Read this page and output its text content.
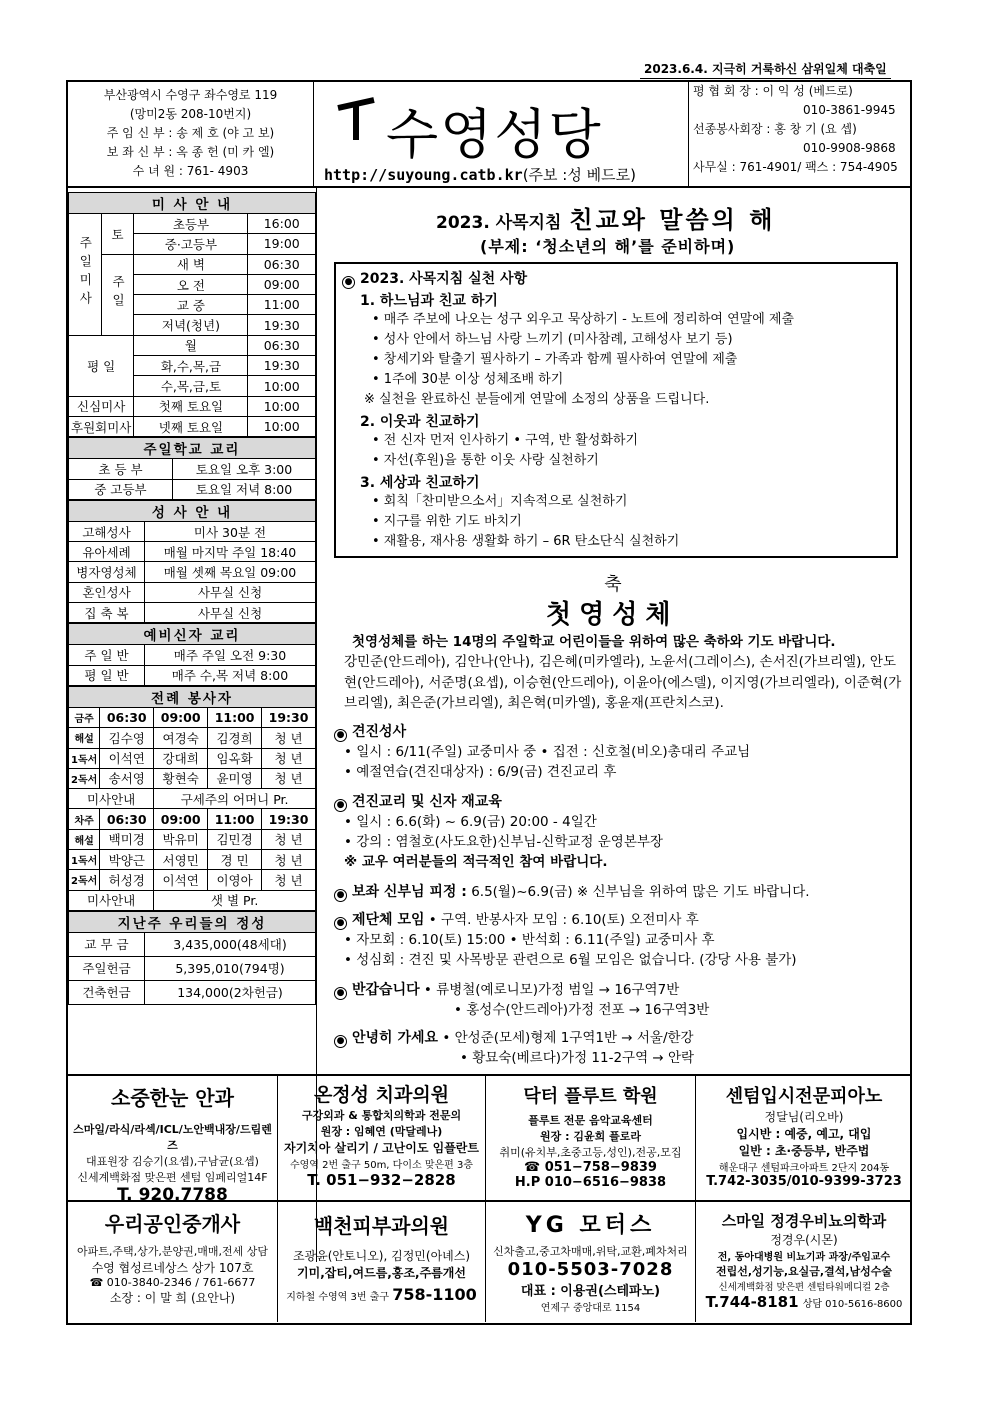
2023.6.4. 지극히 거룩하신 삼위일체 대축일
부산광역시 수영구 좌수영로 119
(망미2동 208-10번지)
주 임 신 부 : 송 제 호 (야 고 보)
보 좌 신 부 : 옥 종 헌 (미 카 엘)
수 녀 원 : 761- 4903
수영성당
http://suyoung.catb.kr(주보 :성 베드로)
평 협 회 장 : 이 익 성 (베드로)
010-3861-9945
선종봉사회장 : 홍 창 기 (요 셉)
010-9908-9868
사무실 : 761-4901/ 팩스 : 754-4905
미 사 안 내			
주일미사	토	초등부	16:00
		중·고등부	19:00
	주일	새 벽	06:30
		오 전	09:00
		교 중	11:00
		저녁(청년)	19:30
평 일		월	06:30
		화,수,목,금	19:30
		수,목,금,토	10:00
신심미사		첫째 토요일	10:00
후원회미사		넷째 토요일	10:00
주일학교 교리	
초 등 부	토요일 오후 3:00
중 고등부	토요일 저녁 8:00
성 사 안 내	
고해성사	미사 30분 전
유아세례	매월 마지막 주일 18:40
병자영성체	매월 셋째 목요일 09:00
혼인성사	사무실 신청
집 축 복	사무실 신청
예비신자 교리	
주 일 반	매주 주일 오전 9:30
평 일 반	매주 수,목 저녁 8:00
전례 봉사자				
금주	06:30	09:00	11:00	19:30
해설	김수영	여경숙	김경희	청 년
1독서	이석연	강대희	임옥화	청 년
2독서	송서영	황현숙	윤미영	청 년
미사안내		구세주의 어머니 Pr.		
차주	06:30	09:00	11:00	19:30
해설	백미경	박유미	김민경	청 년
1독서	박양근	서영민	경 민	청 년
2독서	허성경	이석연	이영아	청 년
미사안내		샛 별 Pr.		
지난주 우리들의 정성	
교 무 금	3,435,000(48세대)
주일헌금	5,395,010(794명)
건축헌금	134,000(2차헌금)
2023. 사목지침 친교와 말씀의 해
(부제: ‘청소년의 해’를 준비하며)
● 2023. 사목지침 실천 사항
1. 하느님과 친교 하기
• 매주 주보에 나오는 성구 외우고 묵상하기 - 노트에 정리하여 연말에 제출
• 성사 안에서 하느님 사랑 느끼기 (미사참례, 고해성사 보기 등)
• 창세기와 탈출기 필사하기 – 가족과 함께 필사하여 연말에 제출
• 1주에 30분 이상 성체조배 하기
※ 실천을 완료하신 분들에게 연말에 소정의 상품을 드립니다.
2. 이웃과 친교하기
• 전 신자 먼저 인사하기 • 구역, 반 활성화하기
• 자선(후원)을 통한 이웃 사랑 실천하기
3. 세상과 친교하기
• 회칙「찬미받으소서」지속적으로 실천하기
• 지구를 위한 기도 바치기
• 재활용, 재사용 생활화 하기 – 6R 탄소단식 실천하기
축
첫영성체
첫영성체를 하는 14명의 주일학교 어린이들을 위하여 많은 축하와 기도 바랍니다.
강민준(안드레아), 김안나(안나), 김은혜(미카엘라), 노윤서(그레이스), 손서진(가브리엘), 안도현(안드레아), 서준명(요셉), 이승현(안드레아), 이윤아(에스델), 이지영(가브리엘라), 이준혁(가브리엘), 최은준(가브리엘), 최은혁(미카엘), 홍윤재(프란치스코).
● 견진성사
• 일시 : 6/11(주일) 교중미사 중 • 집전 : 신호철(비오)총대리 주교님
• 예절연습(견진대상자) : 6/9(금) 견진교리 후
● 견진교리 및 신자 재교육
• 일시 : 6.6(화) ~ 6.9(금) 20:00 - 4일간
• 강의 : 염철호(사도요한)신부님-신학교정 운영본부장
※ 교우 여러분들의 적극적인 참여 바랍니다.
● 보좌 신부님 피정 : 6.5(월)~6.9(금) ※ 신부님을 위하여 많은 기도 바랍니다.
● 제단체 모임 • 구역. 반봉사자 모임 : 6.10(토) 오전미사 후
• 자모회 : 6.10(토) 15:00 • 반석회 : 6.11(주일) 교중미사 후
• 성심회 : 견진 및 사목방문 관련으로 6월 모임은 없습니다. (강당 사용 불가)
● 반갑습니다 • 류병철(예로니모)가정 범일 → 16구역7반
• 홍성수(안드레아)가정 전포 → 16구역3반
● 안녕히 가세요 • 안성준(모세)형제 1구역1반 → 서울/한강
• 황묘숙(베르다)가정 11-2구역 → 안락
소중한눈 안과
스마일/라식/라섹/ICL/노안백내장/드림렌즈
대표원장 김승기(요셉),구남균(요셉)
신세계백화점 맞은편 센텀 임페리얼14F
T. 920.7788
온정성 치과의원
구강외과 & 통합치의학과 전문의
원장 : 임혜연 (막달레나)
자기치아 살리기 / 고난이도 임플란트
수영역 2번 출구 50m, 다이소 맞은편 3층
T. 051−932−2828
닥터 플루트 학원
플루트 전문 음악교육센터
원장 : 김윤희 플로라
취미(유치부,초중고등,성인),전공,모집
☎ 051−758−9839
H.P 010−6516−9838
센텀입시전문피아노
정달님(리오바)
입시반 : 예중, 예고, 대입
일반 : 초·중등부, 반주법
해운대구 센텀파크아파트 2단지 204동
T.742-3035/010-9399-3723
우리공인중개사
아파트,주택,상가,분양권,매매,전세 상담
수영 협성르네상스 상가 107호
☎ 010-3840-2346 / 761-6677
소장 : 이 말 희 (요안나)
백천피부과의원
조광윤(안토니오), 김정민(아녜스)
기미,잡티,여드름,홍조,주름개선
지하철 수영역 3번 출구 758-1100
YG 모터스
신차출고,중고차매매,위탁,교환,폐차처리
010-5503-7028
대표 : 이용권(스테파노)
연제구 중앙대로 1154
스마일 정경우비뇨의학과
정경우(시몬)
전, 동아대병원 비뇨기과 과장/주임교수
전립선,성기능,요실금,결석,남성수술
신세계백화점 맞은편 센텀타워메디컬 2층
T.744-8181 상담 010-5616-8600
